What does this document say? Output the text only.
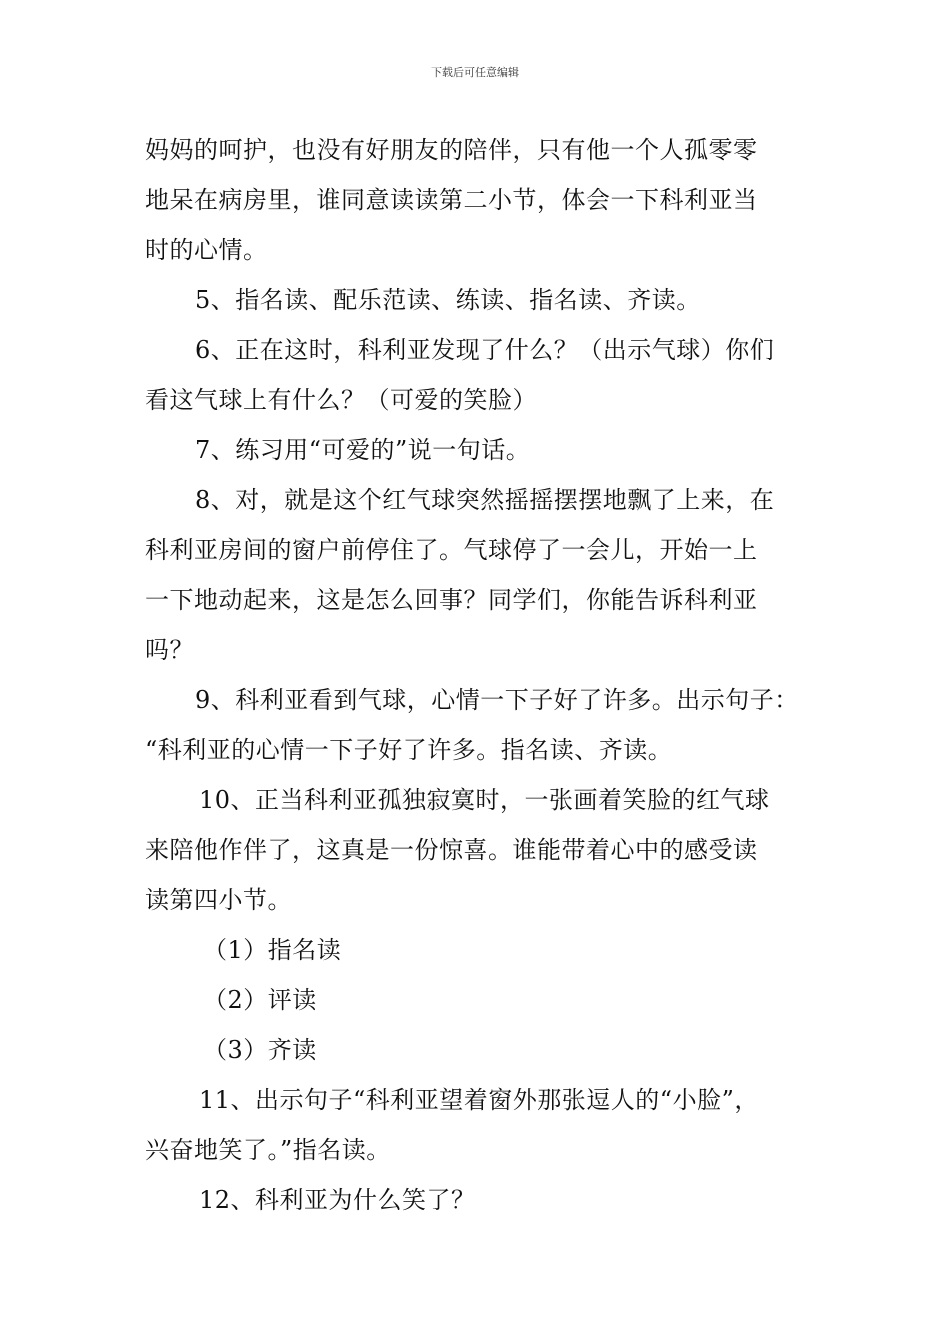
下载后可任意编辑
妈妈的呵护，也没有好朋友的陪伴，只有他一个人孤零零
地呆在病房里，谁同意读读第二小节，体会一下科利亚当
时的心情。
5、指名读、配乐范读、练读、指名读、齐读。
6、正在这时，科利亚发现了什么？（出示气球）你们
看这气球上有什么？（可爱的笑脸）
7、练习用“可爱的”说一句话。
8、对，就是这个红气球突然摇摇摆摆地飘了上来，在
科利亚房间的窗户前停住了。气球停了一会儿，开始一上
一下地动起来，这是怎么回事？同学们，你能告诉科利亚
吗？
9、科利亚看到气球，心情一下子好了许多。出示句子：
“科利亚的心情一下子好了许多。指名读、齐读。
10、正当科利亚孤独寂寞时，一张画着笑脸的红气球
来陪他作伴了，这真是一份惊喜。谁能带着心中的感受读
读第四小节。
（1）指名读
（2）评读
（3）齐读
11、出示句子“科利亚望着窗外那张逗人的“小脸”，
兴奋地笑了。”指名读。
12、科利亚为什么笑了？
